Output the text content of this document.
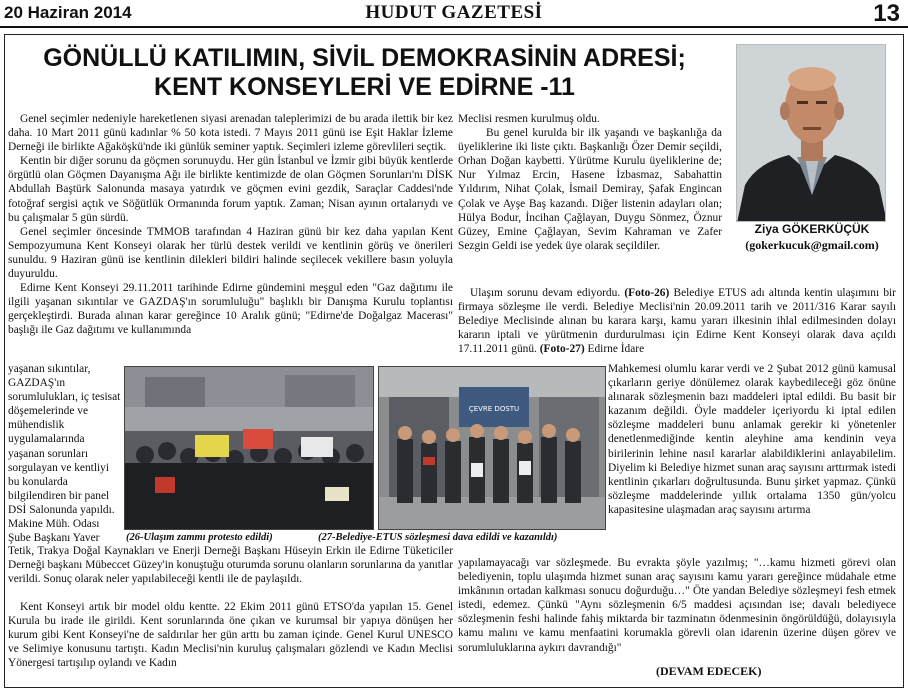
20 Haziran 2014	HUDUT GAZETESİ	13
GÖNÜLLÜ KATILIMIN, SİVİL DEMOKRASİNİN ADRESİ;
KENT KONSEYLERİ VE EDİRNE -11
Ziya GÖKERKÜÇÜK
(gokerkucuk@gmail.com)

Genel seçimler nedeniyle hareketlenen siyasi arenadan taleplerimizi de bu arada ilettik bir kez daha. 10 Mart 2011 günü kadınlar % 50 kota istedi. 7 Mayıs 2011 günü ise Eşit Haklar İzleme Derneği ile birlikte Ağaköşkü'nde iki günlük seminer yaptık. Seçimleri izleme görevlileri seçtik.

Kentin bir diğer sorunu da göçmen sorunuydu. Her gün İstanbul ve İzmir gibi büyük kentlerde örgütlü olan Göçmen Dayanışma Ağı ile birlikte kentimizde de olan Göçmen Sorunları'nı DİSK Abdullah Baştürk Salonunda masaya yatırdık ve göçmen evini gezdik, Saraçlar Caddesi'nde fotoğraf sergisi açtık ve Söğütlük Ormanında forum yaptık. Zaman; Nisan ayının ortalarıydı ve bu çalışmalar 5 gün sürdü.

Genel seçimler öncesinde TMMOB tarafından 4 Haziran günü bir kez daha yapılan Kent Sempozyumuna Kent Konseyi olarak her türlü destek verildi ve kentlinin görüş ve önerileri sunuldu. 9 Haziran günü ise kentlinin dilekleri bildiri halinde seçilecek vekillere basın yoluyla duyuruldu.

Edirne Kent Konseyi 29.11.2011 tarihinde Edirne gündemini meşgul eden "Gaz dağıtımı ile ilgili yaşanan sıkıntılar ve GAZDAŞ'ın sorumluluğu" başlıklı bir Danışma Kurulu toplantısı gerçekleştirdi. Burada alınan karar gereğince 10 Aralık günü; "Edirne'de Doğalgaz Macerası" başlığı ile Gaz dağıtımı ve kullanımında

yaşanan sıkıntılar, GAZDAŞ'ın sorumlulukları, iç tesisat döşemelerinde ve mühendislik uygulamalarında yaşanan sorunları sorgulayan ve kentliyi bu konularda bilgilendiren bir panel DSİ Salonunda yapıldı. Makine Müh. Odası Şube Başkanı Yaver

ÇEVRE DOSTU
(26-Ulaşım zammı protesto edildi)	(27-Belediye-ETUS sözleşmesi dava edildi ve kazanıldı)

Tetik, Trakya Doğal Kaynakları ve Enerji Derneği Başkanı Hüseyin Erkin ile Edirne Tüketiciler Derneği başkanı Mübeccet Güzey'in konuştuğu oturumda sorunu olanların sorunlarına da yanıtlar verildi. Sonuç olarak neler yapılabileceği kentli ile de paylaşıldı.

Kent Konseyi artık bir model oldu kentte. 22 Ekim 2011 günü ETSO'da yapılan 15. Genel Kurula bu irade ile girildi. Kent sorunlarında öne çıkan ve kurumsal bir yapıya dönüşen her kurum gibi Kent Konseyi'ne de saldırılar her gün arttı bu zaman içinde. Genel Kurul UNESCO ve Selimiye konusunu tartıştı. Kadın Meclisi'nin kuruluş çalışmaları gözlendi ve Kadın Meclisi Yönergesi tartışılıp oylandı ve Kadın

Meclisi resmen kurulmuş oldu.

Bu genel kurulda bir ilk yaşandı ve başkanlığa da üyeliklerine iki liste çıktı. Başkanlığı Özer Demir seçildi, Orhan Doğan kaybetti. Yürütme Kurulu üyeliklerine de; Nur Yılmaz Ercin, Hasene İzbasmaz, Sabahattin Yıldırım, Nihat Çolak, İsmail Demiray, Şafak Engincan Çolak ve Ayşe Baş kazandı. Diğer listenin adayları olan; Hülya Bodur, İncihan Çağlayan, Duygu Sönmez, Öznur Güzey, Emine Çağlayan, Sevim Kahraman ve Zafer Sezgin Geldi ise yedek üye olarak seçildiler.

Ulaşım sorunu devam ediyordu. (Foto-26) Belediye ETUS adı altında kentin ulaşımını bir firmaya sözleşme ile verdi. Belediye Meclisi'nin 20.09.2011 tarih ve 2011/316 Karar sayılı Belediye Meclisinde alınan bu karara karşı, kamu yararı ilkesinin ihlal edilmesinden dolayı kararın iptali ve yürütmenin durdurulması için Edirne Kent Konseyi olarak dava açıldı 17.11.2011 günü. (Foto-27) Edirne İdare

Mahkemesi olumlu karar verdi ve 2 Şubat 2012 günü kamusal çıkarların geriye dönülemez olarak kaybedileceği göz önüne alınarak sözleşmenin bazı maddeleri iptal edildi. Bu basit bir kazanım değildi. Öyle maddeler içeriyordu ki iptal edilen sözleşme maddeleri bunu anlamak gerekir ki yönetenler denetlenmediğinde kentin aleyhine ama kendinin veya birilerinin lehine nasıl kararlar alabildiklerini anlayabilelim. Diyelim ki Belediye hizmet sunan araç sayısını arttırmak istedi kentlinin çıkarları doğrultusunda. Bunu şirket yapmaz. Çünkü sözleşme maddelerinde yıllık ortalama 1350 gün/yolcu kapasitesine ulaşmadan araç sayısını artırma

yapılamayacağı var sözleşmede. Bu evrakta şöyle yazılmış; "…kamu hizmeti görevi olan belediyenin, toplu ulaşımda hizmet sunan araç sayısını kamu yararı gereğince müdahale etme imkânının ortadan kalkması sonucu doğurduğu…" Öte yandan Belediye sözleşmeyi fesh etmek istedi, edemez. Çünkü "Aynı sözleşmenin 6/5 maddesi açısından ise; davalı belediyece sözleşmenin feshi halinde fahiş miktarda bir tazminatın ödenmesinin öngörüldüğü, dolayısıyla kamu malını ve kamu menfaatini korumakla görevli olan idarenin üzerine düşen görev ve sorumluluklarına aykırı davrandığı"

(DEVAM EDECEK)
